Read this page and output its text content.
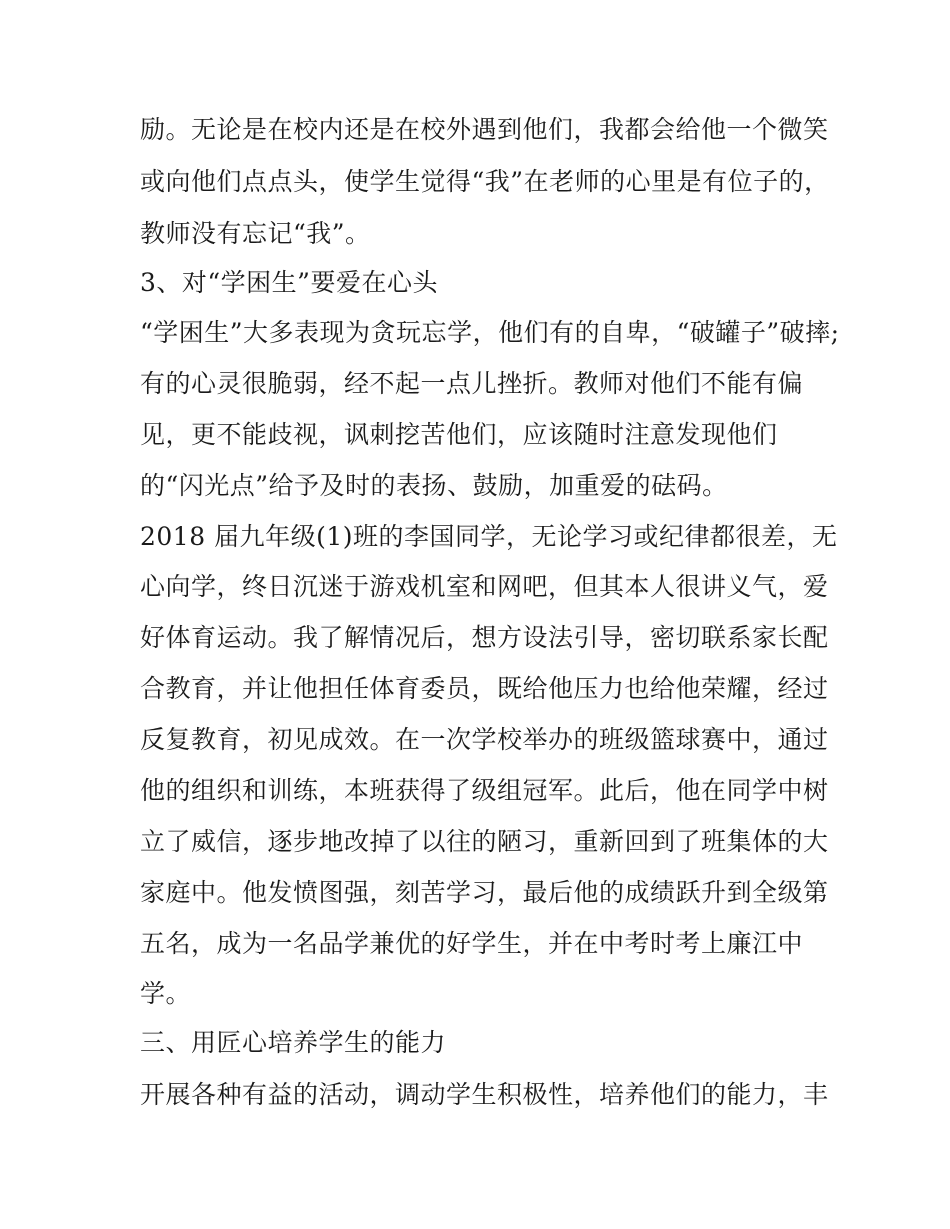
励。无论是在校内还是在校外遇到他们，我都会给他一个微笑
或向他们点点头，使学生觉得“我”在老师的心里是有位子的，
教师没有忘记“我”。
3、对“学困生”要爱在心头
“学困生”大多表现为贪玩忘学，他们有的自卑，“破罐子”破摔;
有的心灵很脆弱，经不起一点儿挫折。教师对他们不能有偏
见，更不能歧视，讽刺挖苦他们，应该随时注意发现他们
的“闪光点”给予及时的表扬、鼓励，加重爱的砝码。
2018 届九年级(1)班的李国同学，无论学习或纪律都很差，无
心向学，终日沉迷于游戏机室和网吧，但其本人很讲义气，爱
好体育运动。我了解情况后，想方设法引导，密切联系家长配
合教育，并让他担任体育委员，既给他压力也给他荣耀，经过
反复教育，初见成效。在一次学校举办的班级篮球赛中，通过
他的组织和训练，本班获得了级组冠军。此后，他在同学中树
立了威信，逐步地改掉了以往的陋习，重新回到了班集体的大
家庭中。他发愤图强，刻苦学习，最后他的成绩跃升到全级第
五名，成为一名品学兼优的好学生，并在中考时考上廉江中
学。
三、用匠心培养学生的能力
开展各种有益的活动，调动学生积极性，培养他们的能力，丰
